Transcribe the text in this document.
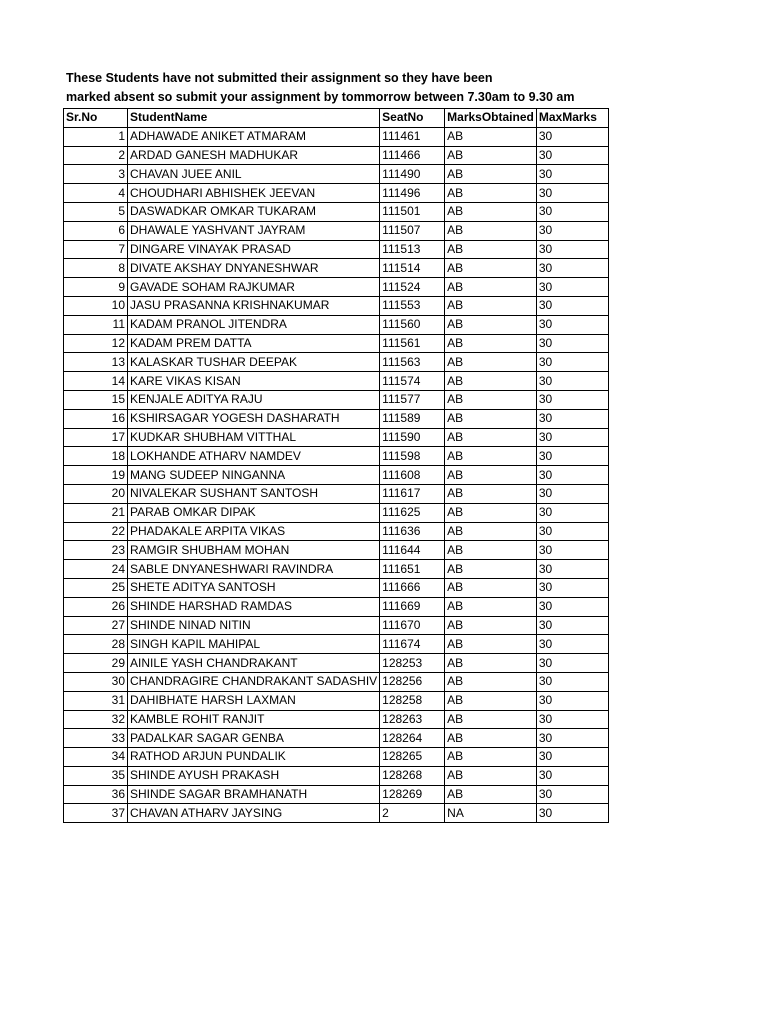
These Students have not submitted their assignment so they have been
marked absent so submit your assignment by tommorrow between 7.30am to 9.30 am
Sr.No	StudentName	SeatNo	MarksObtained	MaxMarks
1	ADHAWADE ANIKET ATMARAM	111461	AB	30
2	ARDAD GANESH MADHUKAR	111466	AB	30
3	CHAVAN JUEE ANIL	111490	AB	30
4	CHOUDHARI ABHISHEK JEEVAN	111496	AB	30
5	DASWADKAR OMKAR TUKARAM	111501	AB	30
6	DHAWALE YASHVANT JAYRAM	111507	AB	30
7	DINGARE VINAYAK PRASAD	111513	AB	30
8	DIVATE AKSHAY DNYANESHWAR	111514	AB	30
9	GAVADE SOHAM RAJKUMAR	111524	AB	30
10	JASU PRASANNA KRISHNAKUMAR	111553	AB	30
11	KADAM PRANOL JITENDRA	111560	AB	30
12	KADAM PREM DATTA	111561	AB	30
13	KALASKAR TUSHAR DEEPAK	111563	AB	30
14	KARE VIKAS KISAN	111574	AB	30
15	KENJALE ADITYA RAJU	111577	AB	30
16	KSHIRSAGAR YOGESH DASHARATH	111589	AB	30
17	KUDKAR SHUBHAM VITTHAL	111590	AB	30
18	LOKHANDE ATHARV NAMDEV	111598	AB	30
19	MANG SUDEEP NINGANNA	111608	AB	30
20	NIVALEKAR SUSHANT SANTOSH	111617	AB	30
21	PARAB OMKAR DIPAK	111625	AB	30
22	PHADAKALE ARPITA VIKAS	111636	AB	30
23	RAMGIR SHUBHAM MOHAN	111644	AB	30
24	SABLE DNYANESHWARI RAVINDRA	111651	AB	30
25	SHETE ADITYA SANTOSH	111666	AB	30
26	SHINDE HARSHAD RAMDAS	111669	AB	30
27	SHINDE NINAD NITIN	111670	AB	30
28	SINGH KAPIL MAHIPAL	111674	AB	30
29	AINILE YASH CHANDRAKANT	128253	AB	30
30	CHANDRAGIRE CHANDRAKANT SADASHIV	128256	AB	30
31	DAHIBHATE HARSH LAXMAN	128258	AB	30
32	KAMBLE ROHIT RANJIT	128263	AB	30
33	PADALKAR SAGAR GENBA	128264	AB	30
34	RATHOD ARJUN PUNDALIK	128265	AB	30
35	SHINDE AYUSH PRAKASH	128268	AB	30
36	SHINDE SAGAR BRAMHANATH	128269	AB	30
37	CHAVAN ATHARV JAYSING	2	NA	30
